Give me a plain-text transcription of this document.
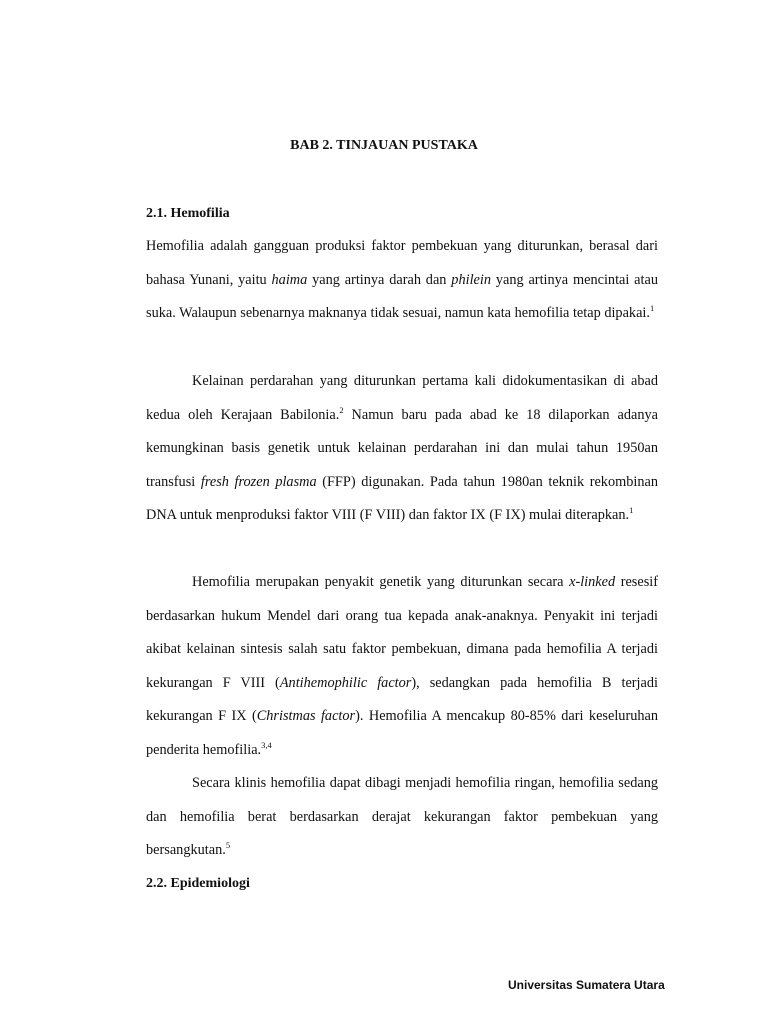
BAB 2. TINJAUAN PUSTAKA
2.1. Hemofilia

Hemofilia adalah gangguan produksi faktor pembekuan yang diturunkan, berasal dari bahasa Yunani, yaitu haima yang artinya darah dan philein yang artinya mencintai atau suka. Walaupun sebenarnya maknanya tidak sesuai, namun kata hemofilia tetap dipakai.$^1$

Kelainan perdarahan yang diturunkan pertama kali didokumentasikan di abad kedua oleh Kerajaan Babilonia.$^2$ Namun baru pada abad ke 18 dilaporkan adanya kemungkinan basis genetik untuk kelainan perdarahan ini dan mulai tahun 1950an transfusi fresh frozen plasma (FFP) digunakan. Pada tahun 1980an teknik rekombinan DNA untuk menproduksi faktor VIII (F VIII) dan faktor IX (F IX) mulai diterapkan.$^1$

Hemofilia merupakan penyakit genetik yang diturunkan secara x-linked resesif berdasarkan hukum Mendel dari orang tua kepada anak-anaknya. Penyakit ini terjadi akibat kelainan sintesis salah satu faktor pembekuan, dimana pada hemofilia A terjadi kekurangan F VIII (Antihemophilic factor), sedangkan pada hemofilia B terjadi kekurangan F IX (Christmas factor). Hemofilia A mencakup 80-85% dari keseluruhan penderita hemofilia.$^{3,4}$

Secara klinis hemofilia dapat dibagi menjadi hemofilia ringan, hemofilia sedang dan hemofilia berat berdasarkan derajat kekurangan faktor pembekuan yang bersangkutan.$^5$

2.2. Epidemiologi
Universitas Sumatera Utara
